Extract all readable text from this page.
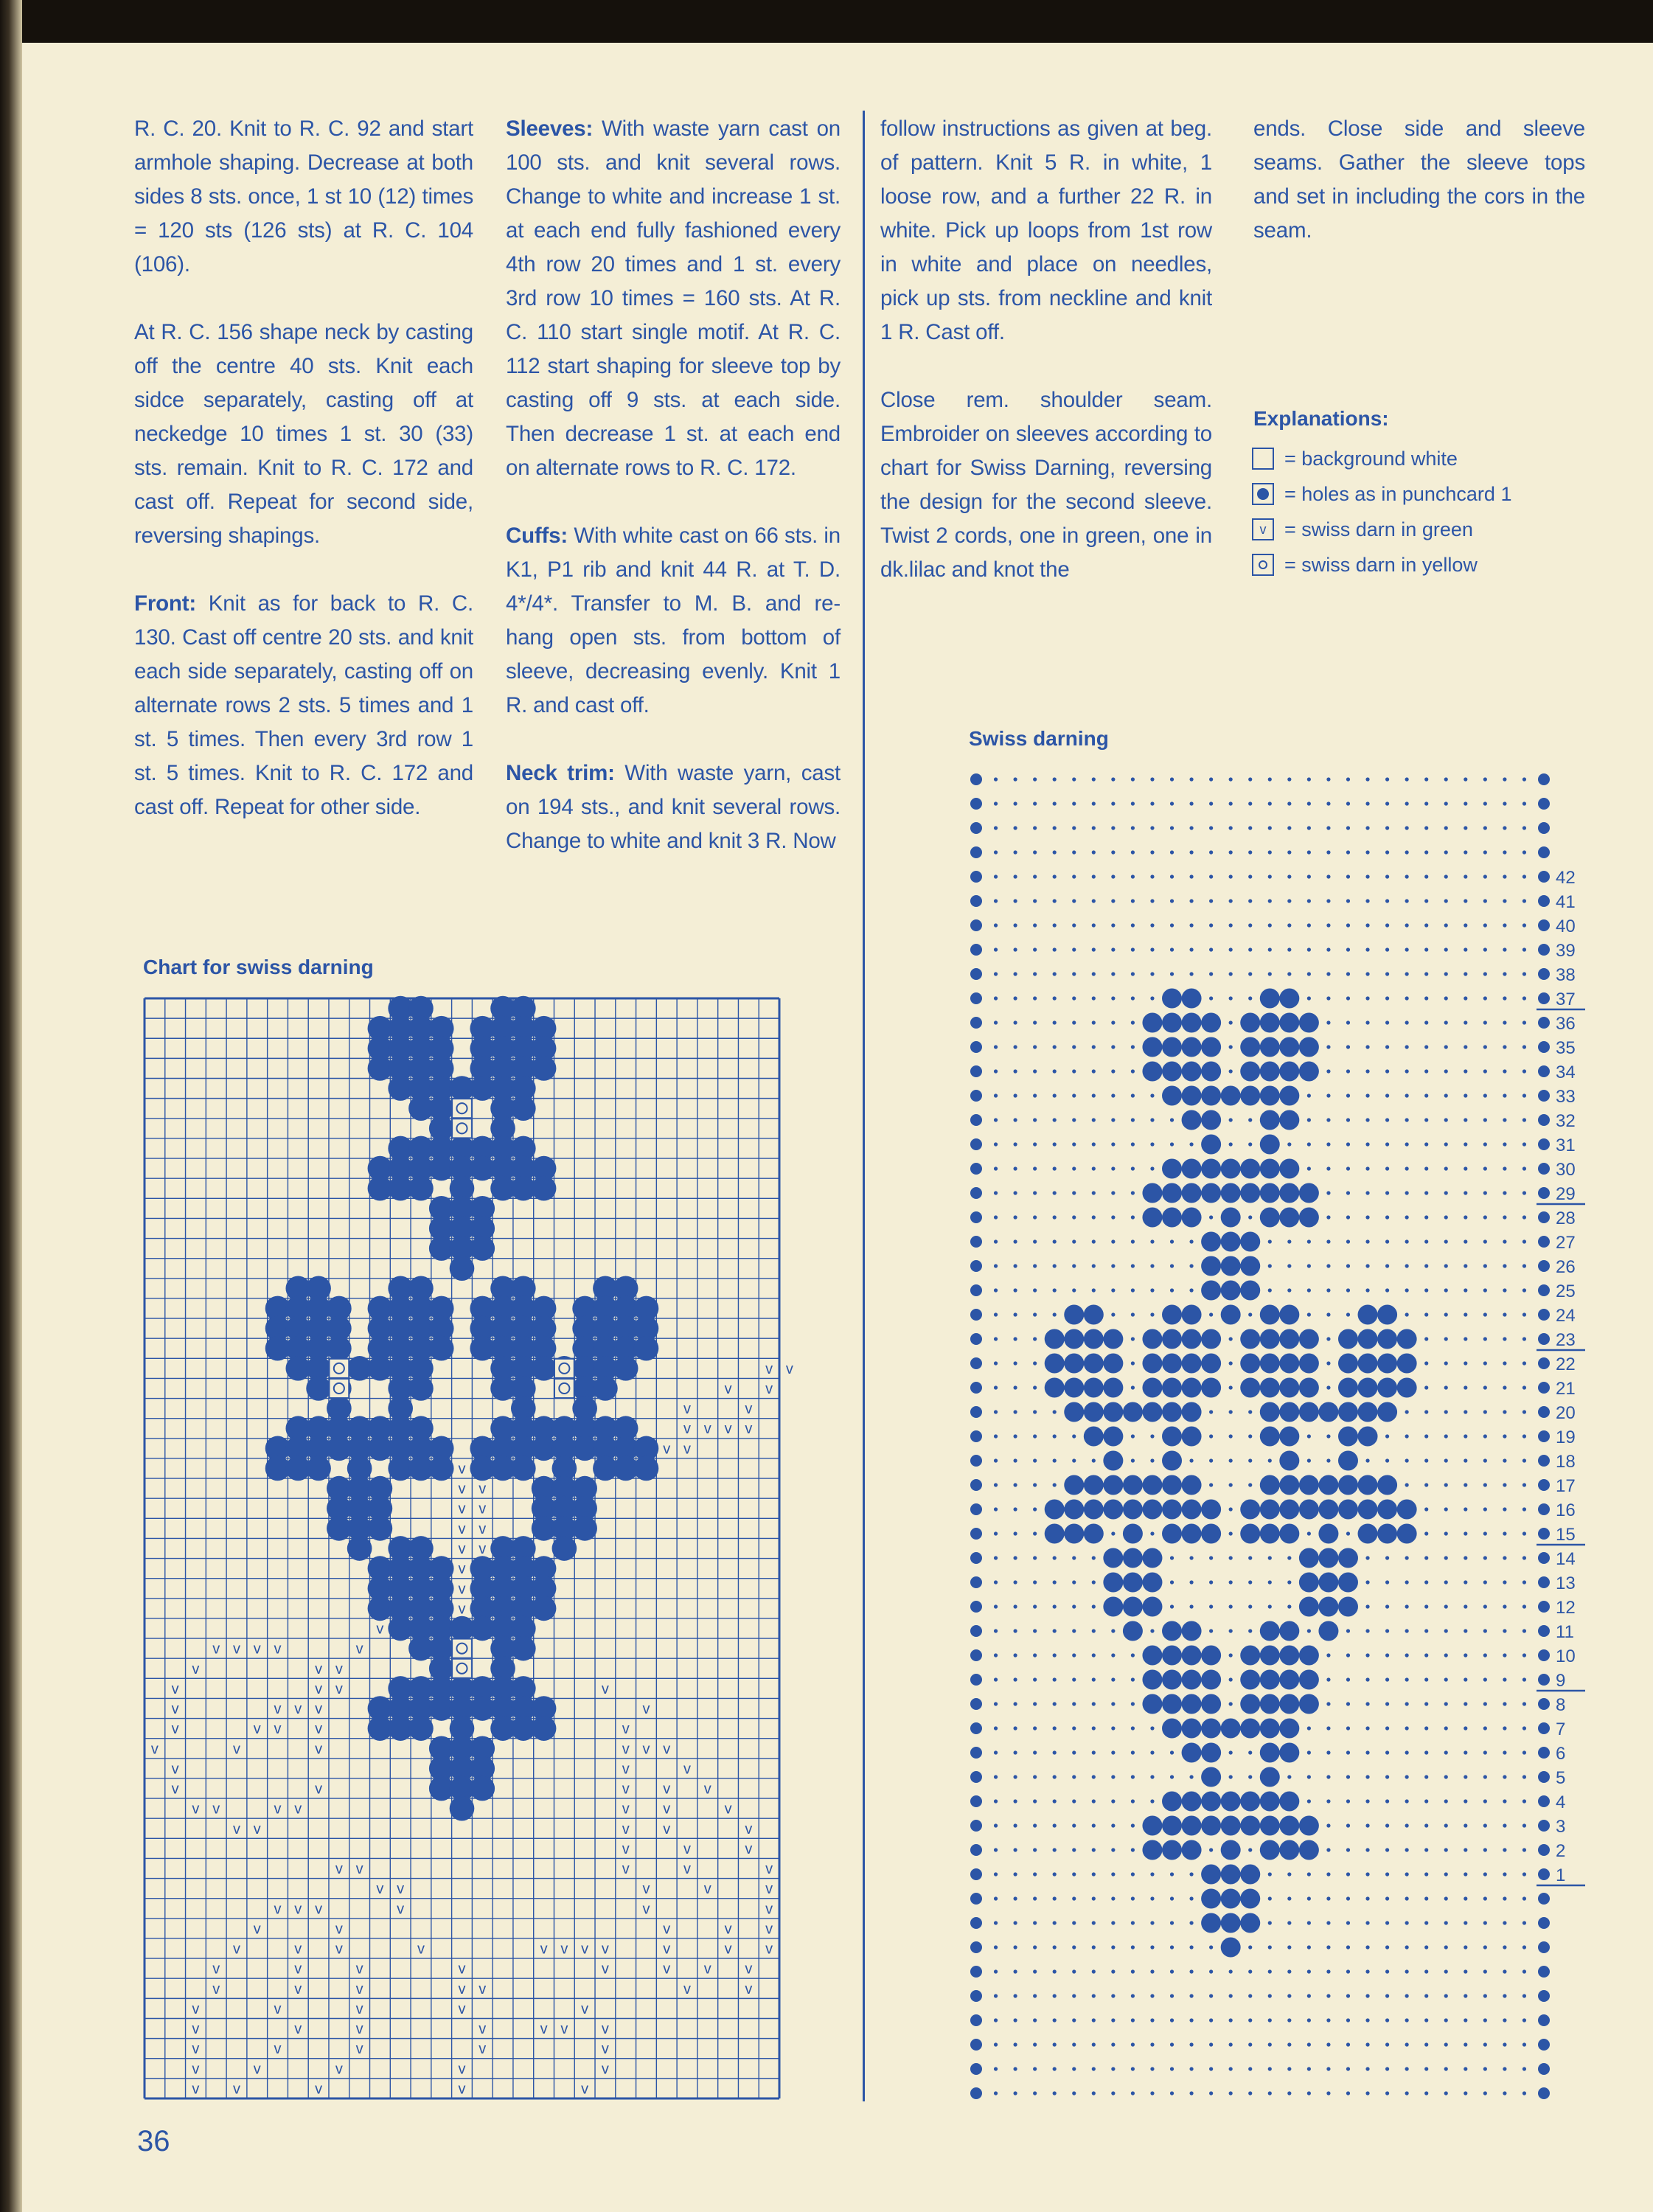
R. C. 20. Knit to R. C. 92 and start armhole shaping. Decrease at both sides 8 sts. once, 1 st 10 (12) times = 120 sts (126 sts) at R. C. 104 (106).

At R. C. 156 shape neck by casting off the centre 40 sts. Knit each sidce separately, casting off at neckedge 10 times 1 st. 30 (33) sts. remain. Knit to R. C. 172 and cast off. Repeat for second side, reversing shapings.

Front: Knit as for back to R. C. 130. Cast off centre 20 sts. and knit each side separately, casting off on alternate rows 2 sts. 5 times and 1 st. 5 times. Then every 3rd row 1 st. 5 times. Knit to R. C. 172 and cast off. Repeat for other side.

Sleeves: With waste yarn cast on 100 sts. and knit several rows. Change to white and increase 1 st. at each end fully fashioned every 4th row 20 times and 1 st. every 3rd row 10 times = 160 sts. At R. C. 110 start single motif. At R. C. 112 start shaping for sleeve top by casting off 9 sts. at each side. Then decrease 1 st. at each end on alternate rows to R. C. 172.

Cuffs: With white cast on 66 sts. in K1, P1 rib and knit 44 R. at T. D. 4*/4*. Transfer to M. B. and re-hang open sts. from bottom of sleeve, decreasing evenly. Knit 1 R. and cast off.

Neck trim: With waste yarn, cast on 194 sts., and knit several rows. Change to white and knit 3 R. Now

follow instructions as given at beg. of pattern. Knit 5 R. in white, 1 loose row, and a further 22 R. in white. Pick up loops from 1st row in white and place on needles, pick up sts. from neckline and knit 1 R. Cast off.

Close rem. shoulder seam. Embroider on sleeves according to chart for Swiss Darning, reversing the design for the second sleeve. Twist 2 cords, one in green, one in dk.lilac and knot the

ends. Close side and sleeve seams. Gather the sleeve tops and set in including the cors in the seam.

Explanations:
= background white
= holes as in punchcard 1
v = swiss darn in green
= swiss darn in yellow
Chart for swiss darning
Swiss darning
36
v v
v v
v	v
v v v v
v v
v
v v
v v
v v
v v
v
v
v
v
v v v v	v
v	v v
v	v v	v
v	v v v	v
v	v v v	v
v	v	v	v v v
v	v	v
v	v	v v v
v v	v v	v v	v
v v	v v	v
v	v	v
v v	v	v	v
v v	v	v	v
v v v	v	v	v
v	v	v	v v
v	v v	v	v v v v	v	v v
v	v	v	v	v	v v v
v	v	v	v v	v	v
v	v	v	v	v
v	v	v	v	v v v
v	v	v	v	v
v	v	v	v	v
v v	v	v	v
42
41
40
39
38
37
36
35
34
33
32
31
30
29
28
27
26
25
24
23
22
21
20
19
18
17
16
15
14
13
12
11
10
9
8
7
6
5
4
3
2
1
